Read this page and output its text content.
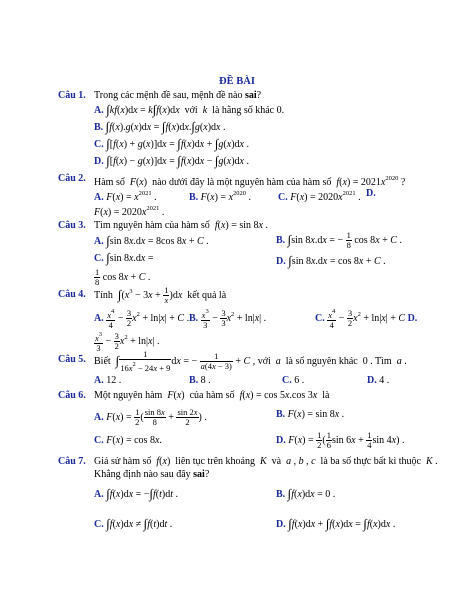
ĐỀ BÀI
Câu 1. Trong các mệnh đề sau, mệnh đề nào sai?
A. ∫kf(x)dx = k∫f(x)dx  với  k  là hằng số khác 0.
B. ∫f(x).g(x)dx = ∫f(x)dx.∫g(x)dx .
C. ∫[f(x) + g(x)]dx = ∫f(x)dx + ∫g(x)dx .
D. ∫[f(x) − g(x)]dx = ∫f(x)dx − ∫g(x)dx .
Câu 2. Hàm số  F(x)  nào dưới đây là một nguyên hàm của hàm số  $f(x) = 2021x^{2020}$ ?
A. $F(x) = x^{2021}$ .	B. $F(x) = x^{2020}$ .	C. $F(x) = 2020x^{2021}$ . D.
$F(x) = 2020x^{2021}$ .
Câu 3. Tìm nguyên hàm của hàm số  f(x) = sin 8x .
A. ∫sin 8x.dx = 8cos 8x + C .	B. ∫sin 8x.dx = − $\frac{1}{8}$ cos 8x + C .
C. ∫sin 8x.dx =
$\frac{1}{8}$ cos 8x + C .
D. ∫sin 8x.dx = cos 8x + C .
Câu 4. Tính  $\int(x^3 - 3x + \frac{1}{x} )dx$  kết quả là
A. $\frac{x^4}{4} - \frac{3}{2} x^2 + \ln|x| + C$ . B. $\frac{x^3}{3} - \frac{3}{3} x^2 + \ln|x|$ .	C. $\frac{x^4}{4} - \frac{3}{2} x^2 + \ln|x| + C$ D.
$\frac{x^3}{3} - \frac{3}{2} x^2 + \ln|x|$ .
Câu 5. Biết  ∫ $\frac{1}{16x^2 - 24x + 9}$ dx = − $\frac{1}{a(4x - 3)} + C$ , với  a  là số nguyên khác  0 . Tìm  a .
A. 12 .	B. 8 .	C. 6 .	D. 4 .
Câu 6. Một nguyên hàm  F(x)  của hàm số  f(x) = cos 5x.cos 3x  là
A. $F(x) = \frac{1}{2}$ ( $\frac{\sin 8x}{8} + \frac{\sin 2x}{2}$ ) .	B. F(x) = sin 8x .
C. F(x) = cos 8x.	D. $F(x) = \frac{1}{2}$ ( $\frac{1}{6}$ $\sin 6x + \frac{1}{4}$ sin 4x) .
Câu 7. Giả sử hàm số  f(x)  liên tục trên khoảng  K  và  a , b , c  là ba số thực bất kì thuộc  K .
Khẳng định nào sau đây sai?
A. ∫f(x)dx = −∫f(t)dt .	B. ∫f(x)dx = 0 .
C. ∫f(x)dx ≠ ∫f(t)dt .	D. ∫f(x)dx + ∫f(x)dx = ∫f(x)dx .
